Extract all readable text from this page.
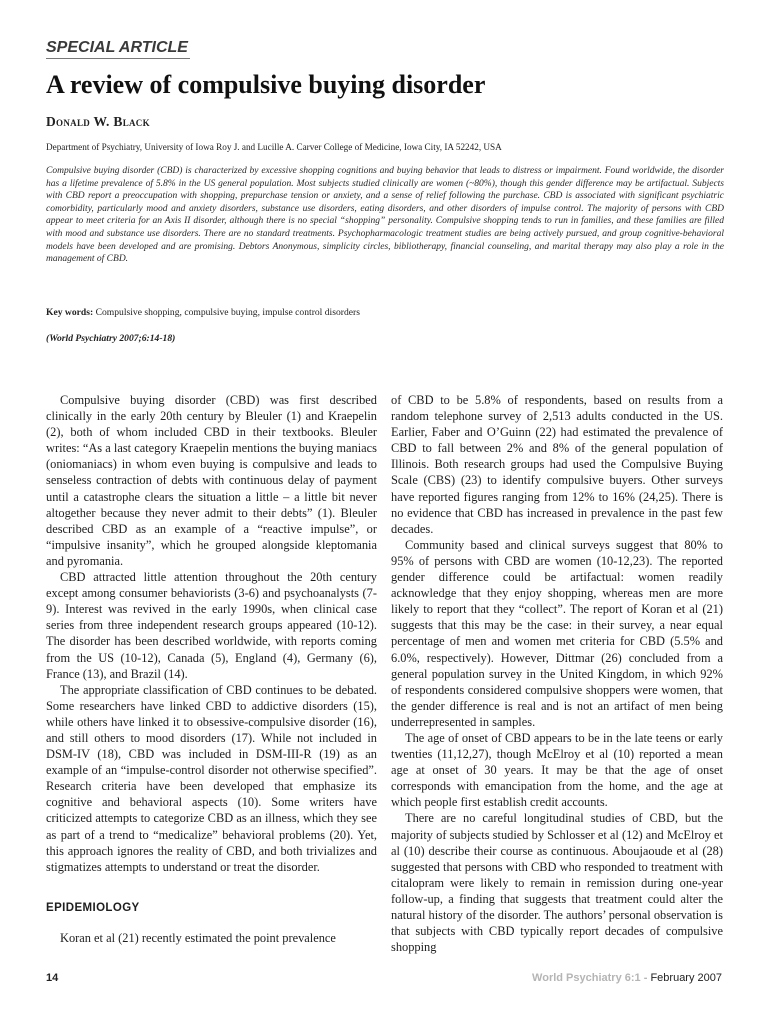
SPECIAL ARTICLE
A review of compulsive buying disorder
Donald W. Black
Department of Psychiatry, University of Iowa Roy J. and Lucille A. Carver College of Medicine, Iowa City, IA 52242, USA

Compulsive buying disorder (CBD) is characterized by excessive shopping cognitions and buying behavior that leads to distress or impairment. Found worldwide, the disorder has a lifetime prevalence of 5.8% in the US general population. Most subjects studied clinically are women (~80%), though this gender difference may be artifactual. Subjects with CBD report a preoccupation with shopping, prepurchase tension or anxiety, and a sense of relief following the purchase. CBD is associated with significant psychiatric comorbidity, particularly mood and anxiety disorders, substance use disorders, eating disorders, and other disorders of impulse control. The majority of persons with CBD appear to meet criteria for an Axis II disorder, although there is no special “shopping” personality. Compulsive shopping tends to run in families, and these families are filled with mood and substance use disorders. There are no standard treatments. Psychopharmacologic treatment studies are being actively pursued, and group cognitive-behavioral models have been developed and are promising. Debtors Anonymous, simplicity circles, bibliotherapy, financial counseling, and marital therapy may also play a role in the management of CBD.

Key words: Compulsive shopping, compulsive buying, impulse control disorders
(World Psychiatry 2007;6:14-18)

Compulsive buying disorder (CBD) was first described clinically in the early 20th century by Bleuler (1) and Kraepelin (2), both of whom included CBD in their textbooks. Bleuler writes: “As a last category Kraepelin mentions the buying maniacs (oniomaniacs) in whom even buying is compulsive and leads to senseless contraction of debts with continuous delay of payment until a catastrophe clears the situation a little – a little bit never altogether because they never admit to their debts” (1). Bleuler described CBD as an example of a “reactive impulse”, or “impulsive insanity”, which he grouped alongside kleptomania and pyromania.

CBD attracted little attention throughout the 20th century except among consumer behaviorists (3-6) and psychoanalysts (7-9). Interest was revived in the early 1990s, when clinical case series from three independent research groups appeared (10-12). The disorder has been described worldwide, with reports coming from the US (10-12), Canada (5), England (4), Germany (6), France (13), and Brazil (14).

The appropriate classification of CBD continues to be debated. Some researchers have linked CBD to addictive disorders (15), while others have linked it to obsessive-compulsive disorder (16), and still others to mood disorders (17). While not included in DSM-IV (18), CBD was included in DSM-III-R (19) as an example of an “impulse-control disorder not otherwise specified”. Research criteria have been developed that emphasize its cognitive and behavioral aspects (10). Some writers have criticized attempts to categorize CBD as an illness, which they see as part of a trend to “medicalize” behavioral problems (20). Yet, this approach ignores the reality of CBD, and both trivializes and stigmatizes attempts to understand or treat the disorder.

EPIDEMIOLOGY

Koran et al (21) recently estimated the point prevalence

of CBD to be 5.8% of respondents, based on results from a random telephone survey of 2,513 adults conducted in the US. Earlier, Faber and O’Guinn (22) had estimated the prevalence of CBD to fall between 2% and 8% of the general population of Illinois. Both research groups had used the Compulsive Buying Scale (CBS) (23) to identify compulsive buyers. Other surveys have reported figures ranging from 12% to 16% (24,25). There is no evidence that CBD has increased in prevalence in the past few decades.

Community based and clinical surveys suggest that 80% to 95% of persons with CBD are women (10-12,23). The reported gender difference could be artifactual: women readily acknowledge that they enjoy shopping, whereas men are more likely to report that they “collect”. The report of Koran et al (21) suggests that this may be the case: in their survey, a near equal percentage of men and women met criteria for CBD (5.5% and 6.0%, respectively). However, Dittmar (26) concluded from a general population survey in the United Kingdom, in which 92% of respondents considered compulsive shoppers were women, that the gender difference is real and is not an artifact of men being underrepresented in samples.

The age of onset of CBD appears to be in the late teens or early twenties (11,12,27), though McElroy et al (10) reported a mean age at onset of 30 years. It may be that the age of onset corresponds with emancipation from the home, and the age at which people first establish credit accounts.

There are no careful longitudinal studies of CBD, but the majority of subjects studied by Schlosser et al (12) and McElroy et al (10) describe their course as continuous. Aboujaoude et al (28) suggested that persons with CBD who responded to treatment with citalopram were likely to remain in remission during one-year follow-up, a finding that suggests that treatment could alter the natural history of the disorder. The authors’ personal observation is that subjects with CBD typically report decades of compulsive shopping

14	World Psychiatry 6:1 - February 2007
